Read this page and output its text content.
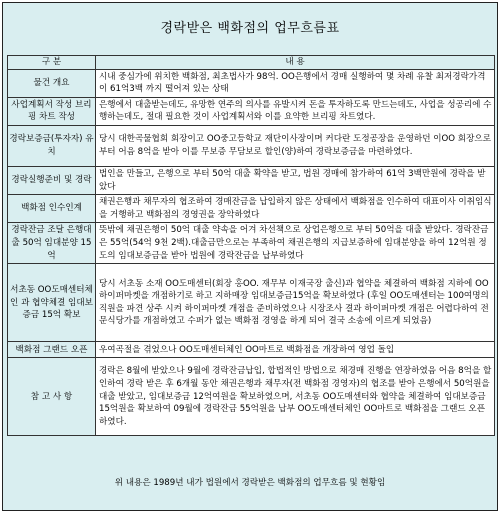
경락받은 백화점의 업무흐름표
구 분	내 용
물건 개요	시내 중심가에 위치한 백화점, 최초법사가 98억. OO은행에서 경매 실행하여 몇 차례 유찰 최저경락가격이 61억3백 까지 떨어져 있는 상태
사업계획서 작성 브리핑 차트 작성	은행에서 대출받는데도, 유망한 연주의 의사를 유발시켜 돈을 투자하도록 만드는데도, 사업을 성공리에 수행하는데도, 절대 필요한 것이 사업계획서와 이를 요약한 브리핑 차트였다.
경락보증금(투자자) 유치	당시 대한곡물협회 회장이고 OO중고등학교 재단이사장이며 커다란 도정공장을 운영하던 이OO 회장으로 부터 어음 8억을 받아 이를 무보증 무담보로 할인(양)하여 경락보증금을 마련하였다.
경락실행준비 및 경락	법인을 만들고, 은행으로 부터 50억 대출 확약을 받고, 법원 경매에 참가하여 61억 3백만원에 경락을 받았다
백화점 인수인계	채권은행과 채무자의 협조하여 경매잔금을 납입하지 않은 상태에서 백화점을 인수하여 대표이사 이취임식을 거행하고 백화점의 경영권을 장악하였다
경락잔금 조달 은행대출 50억 임대분양 15억	뜻밖에 채권은행이 50억 대출 약속을 어겨 차선책으로 상업은행으로 부터 50억을 대출 받았다. 경락잔금은 55억(54억 9천 2백).대출금만으로는 부족하여 채권은행의 지급보증하에 임대분양을 하여 12억원 정도의 임대보증금을 받아 법원에 경락잔금을 납부하였다
서초동 OO도매센터체인 과 협약체결 임대보증금 15억 확보	당시 서초동 소재 OO도매센터(회장 홍OO. 재무부 이재국장 출신)과 협약을 체결하여 백화점 지하에 OO하이퍼마켓을 개점하기로 하고 지하매장 임대보증금15억을 확보하였다 (후일 OO도매센터는 100여명의 직원을 파견 상주 시켜 하이퍼마켓 개점을 준비하였으나 시장조사 결과 하이퍼마켓 개점은 어렵다하여 전문식당가를 개점하였고 수퍼가 없는 백화점 경영을 하게 되어 결국 소송에 이르게 되었음)
백화점 그랜드 오픈	우여곡절을 겪었으나 OO도매센터체인 OO마트로 백화점을 개장하여 영업 돌입
참 고 사 항	경락은 8월에 받았으나 9월에 경락잔금납입, 합법적인 방법으로 채경매 진행을 연장하였음 어음 8억을 할인하여 경락 받은 후 6개월 동안 채권은행과 채무자(전 백화점 경영자)의 협조를 받아 은행에서 50억원을 대출 받았고, 임대보증금 12억여원을 확보하였으며, 서초동 OO도매센터와 협약을 체결하여 임대보증금 15억원을 확보하여 09월에 경락잔금 55억원을 납부 OO도매센터체인 OO마트로 백화점을 그랜드 오픈하였다.
위 내용은 1989년 내가 법원에서 경락받은 백화점의 업무흐름 및 현황임
